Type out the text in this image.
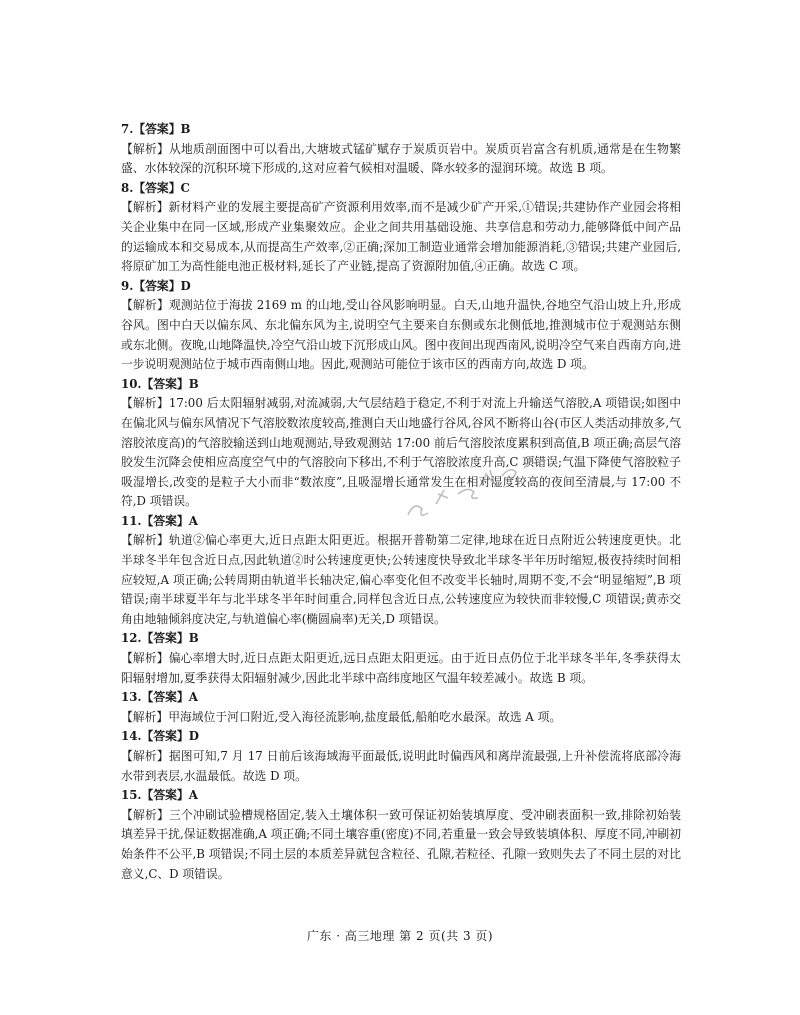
7.【答案】B

【解析】从地质剖面图中可以看出,大塘坡式锰矿赋存于炭质页岩中。炭质页岩富含有机质,通常是在生物繁盛、水体较深的沉积环境下形成的,这对应着气候相对温暖、降水较多的湿润环境。故选 B 项。

8.【答案】C

【解析】新材料产业的发展主要提高矿产资源利用效率,而不是减少矿产开采,①错误;共建协作产业园会将相关企业集中在同一区域,形成产业集聚效应。企业之间共用基础设施、共享信息和劳动力,能够降低中间产品的运输成本和交易成本,从而提高生产效率,②正确;深加工制造业通常会增加能源消耗,③错误;共建产业园后,将原矿加工为高性能电池正极材料,延长了产业链,提高了资源附加值,④正确。故选 C 项。

9.【答案】D

【解析】观测站位于海拔 2169 m 的山地,受山谷风影响明显。白天,山地升温快,谷地空气沿山坡上升,形成谷风。图中白天以偏东风、东北偏东风为主,说明空气主要来自东侧或东北侧低地,推测城市位于观测站东侧或东北侧。夜晚,山地降温快,冷空气沿山坡下沉形成山风。图中夜间出现西南风,说明冷空气来自西南方向,进一步说明观测站位于城市西南侧山地。因此,观测站可能位于该市区的西南方向,故选 D 项。

10.【答案】B

【解析】17:00 后太阳辐射减弱,对流减弱,大气层结趋于稳定,不利于对流上升输送气溶胶,A 项错误;如图中在偏北风与偏东风情况下气溶胶数浓度较高,推测白天山地盛行谷风,谷风不断将山谷(市区人类活动排放多,气溶胶浓度高)的气溶胶输送到山地观测站,导致观测站 17:00 前后气溶胶浓度累积到高值,B 项正确;高层气溶胶发生沉降会使相应高度空气中的气溶胶向下移出,不利于气溶胶浓度升高,C 项错误;气温下降使气溶胶粒子吸湿增长,改变的是粒子大小而非“数浓度”,且吸湿增长通常发生在相对湿度较高的夜间至清晨,与 17:00 不符,D 项错误。

11.【答案】A

【解析】轨道②偏心率更大,近日点距太阳更近。根据开普勒第二定律,地球在近日点附近公转速度更快。北半球冬半年包含近日点,因此轨道②时公转速度更快;公转速度快导致北半球冬半年历时缩短,极夜持续时间相应较短,A 项正确;公转周期由轨道半长轴决定,偏心率变化但不改变半长轴时,周期不变,不会“明显缩短”,B 项错误;南半球夏半年与北半球冬半年时间重合,同样包含近日点,公转速度应为较快而非较慢,C 项错误;黄赤交角由地轴倾斜度决定,与轨道偏心率(椭圆扁率)无关,D 项错误。

12.【答案】B

【解析】偏心率增大时,近日点距太阳更近,远日点距太阳更远。由于近日点仍位于北半球冬半年,冬季获得太阳辐射增加,夏季获得太阳辐射减少,因此北半球中高纬度地区气温年较差减小。故选 B 项。

13.【答案】A

【解析】甲海域位于河口附近,受入海径流影响,盐度最低,船舶吃水最深。故选 A 项。

14.【答案】D

【解析】据图可知,7 月 17 日前后该海域海平面最低,说明此时偏西风和离岸流最强,上升补偿流将底部冷海水带到表层,水温最低。故选 D 项。

15.【答案】A

【解析】三个冲刷试验槽规格固定,装入土壤体积一致可保证初始装填厚度、受冲刷表面积一致,排除初始装填差异干扰,保证数据准确,A 项正确;不同土壤容重(密度)不同,若重量一致会导致装填体积、厚度不同,冲刷初始条件不公平,B 项错误;不同土层的本质差异就包含粒径、孔隙,若粒径、孔隙一致则失去了不同土层的对比意义,C、D 项错误。

广东 · 高三地理 第 2 页(共 3 页)
